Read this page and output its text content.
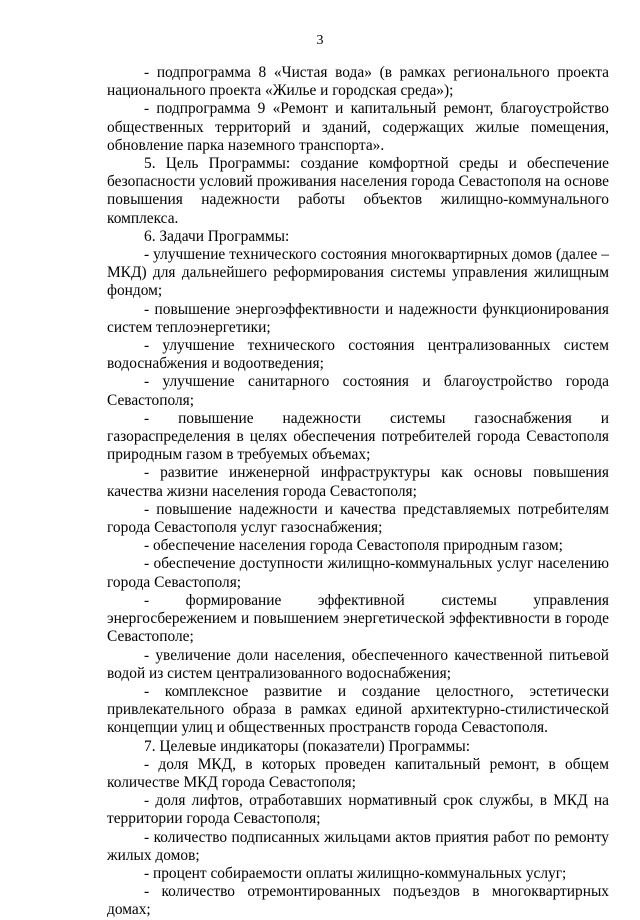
3

- подпрограмма 8 «Чистая вода» (в рамках регионального проекта национального проекта «Жилье и городская среда»);

- подпрограмма 9 «Ремонт и капитальный ремонт, благоустройство общественных территорий и зданий, содержащих жилые помещения, обновление парка наземного транспорта».

5. Цель Программы: создание комфортной среды и обеспечение безопасности условий проживания населения города Севастополя на основе повышения надежности работы объектов жилищно-коммунального комплекса.

6. Задачи Программы:

- улучшение технического состояния многоквартирных домов (далее – МКД) для дальнейшего реформирования системы управления жилищным фондом;

- повышение энергоэффективности и надежности функционирования систем теплоэнергетики;

- улучшение технического состояния централизованных систем водоснабжения и водоотведения;

- улучшение санитарного состояния и благоустройство города Севастополя;

- повышение надежности системы газоснабжения и газораспределения в целях обеспечения потребителей города Севастополя природным газом в требуемых объемах;

- развитие инженерной инфраструктуры как основы повышения качества жизни населения города Севастополя;

- повышение надежности и качества представляемых потребителям города Севастополя услуг газоснабжения;

- обеспечение населения города Севастополя природным газом;

- обеспечение доступности жилищно-коммунальных услуг населению города Севастополя;

- формирование эффективной системы управления энергосбережением и повышением энергетической эффективности в городе Севастополе;

- увеличение доли населения, обеспеченного качественной питьевой водой из систем централизованного водоснабжения;

- комплексное развитие и создание целостного, эстетически привлекательного образа в рамках единой архитектурно-стилистической концепции улиц и общественных пространств города Севастополя.

7. Целевые индикаторы (показатели) Программы:

- доля МКД, в которых проведен капитальный ремонт, в общем количестве МКД города Севастополя;

- доля лифтов, отработавших нормативный срок службы, в МКД на территории города Севастополя;

- количество подписанных жильцами актов приятия работ по ремонту жилых домов;

- процент собираемости оплаты жилищно-коммунальных услуг;

- количество отремонтированных подъездов в многоквартирных домах;
